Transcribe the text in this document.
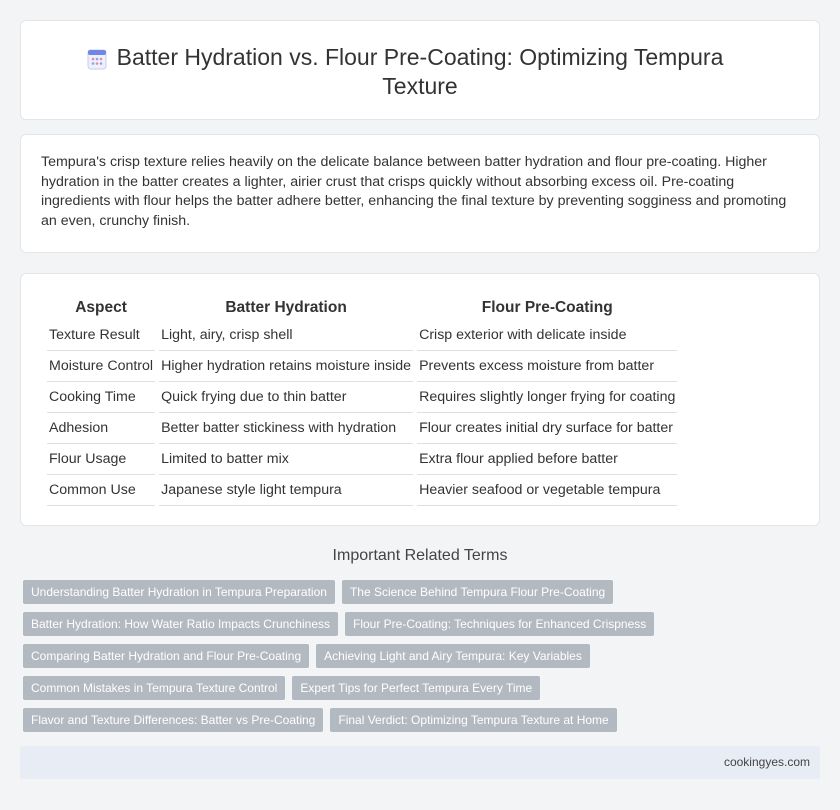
Batter Hydration vs. Flour Pre-Coating: Optimizing Tempura Texture

Tempura's crisp texture relies heavily on the delicate balance between batter hydration and flour pre-coating. Higher hydration in the batter creates a lighter, airier crust that crisps quickly without absorbing excess oil. Pre-coating ingredients with flour helps the batter adhere better, enhancing the final texture by preventing sogginess and promoting an even, crunchy finish.

Aspect	Batter Hydration	Flour Pre-Coating
Texture Result	Light, airy, crisp shell	Crisp exterior with delicate inside
Moisture Control	Higher hydration retains moisture inside	Prevents excess moisture from batter
Cooking Time	Quick frying due to thin batter	Requires slightly longer frying for coating
Adhesion	Better batter stickiness with hydration	Flour creates initial dry surface for batter
Flour Usage	Limited to batter mix	Extra flour applied before batter
Common Use	Japanese style light tempura	Heavier seafood or vegetable tempura
Important Related Terms
Understanding Batter Hydration in Tempura Preparation	The Science Behind Tempura Flour Pre-Coating
Batter Hydration: How Water Ratio Impacts Crunchiness	Flour Pre-Coating: Techniques for Enhanced Crispness
Comparing Batter Hydration and Flour Pre-Coating	Achieving Light and Airy Tempura: Key Variables
Common Mistakes in Tempura Texture Control	Expert Tips for Perfect Tempura Every Time
Flavor and Texture Differences: Batter vs Pre-Coating	Final Verdict: Optimizing Tempura Texture at Home
cookingyes.com
